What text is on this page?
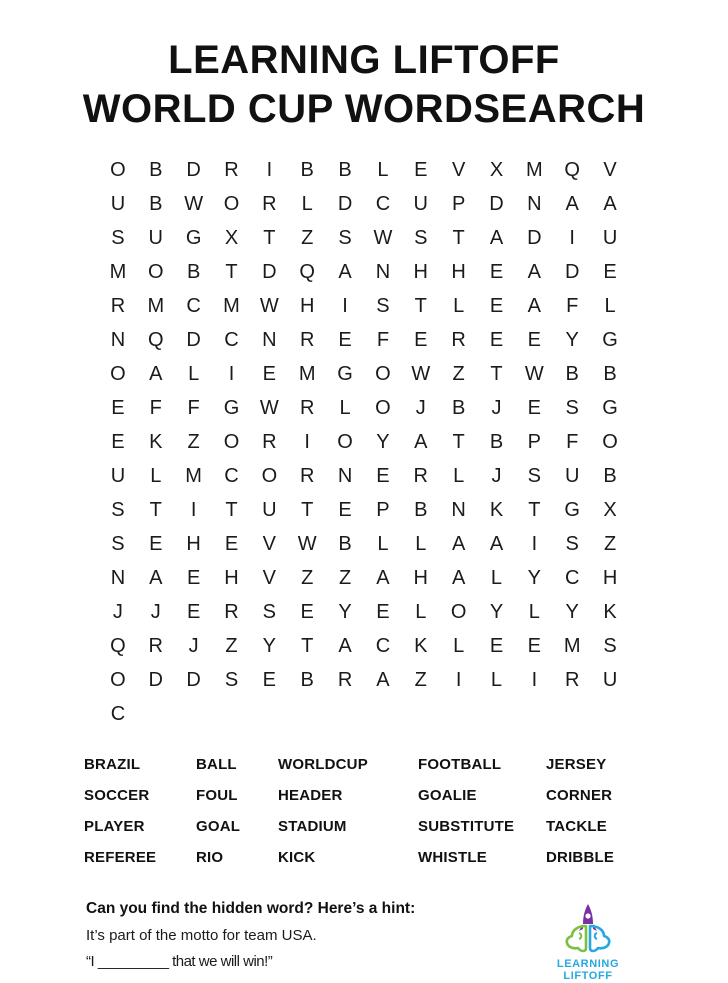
LEARNING LIFTOFF
WORLD CUP WORDSEARCH
O	B	D	R	I	B	B	L	E	V	X	M	Q	V
U	B	W	O	R	L	D	C	U	P	D	N	A	A
S	U	G	X	T	Z	S	W	S	T	A	D	I	U
M	O	B	T	D	Q	A	N	H	H	E	A	D	E
R	M	C	M	W	H	I	S	T	L	E	A	F	L
N	Q	D	C	N	R	E	F	E	R	E	E	Y	G
O	A	L	I	E	M	G	O	W	Z	T	W	B	B
E	F	F	G	W	R	L	O	J	B	J	E	S	G
E	K	Z	O	R	I	O	Y	A	T	B	P	F	O
U	L	M	C	O	R	N	E	R	L	J	S	U	B
S	T	I	T	U	T	E	P	B	N	K	T	G	X
S	E	H	E	V	W	B	L	L	A	A	I	S	Z
N	A	E	H	V	Z	Z	A	H	A	L	Y	C	H
J	J	E	R	S	E	Y	E	L	O	Y	L	Y	K
Q	R	J	Z	Y	T	A	C	K	L	E	E	M	S
O	D	D	S	E	B	R	A	Z	I	L	I	R	U
C
BRAZIL	BALL	WORLDCUP	FOOTBALL	JERSEY
SOCCER	FOUL	HEADER	GOALIE	CORNER
PLAYER	GOAL	STADIUM	SUBSTITUTE	TACKLE
REFEREE	RIO	KICK	WHISTLE	DRIBBLE
Can you find the hidden word? Here’s a hint:
It’s part of the motto for team USA.
“I _________ that we will win!”	LEARNING
LIFTOFF
